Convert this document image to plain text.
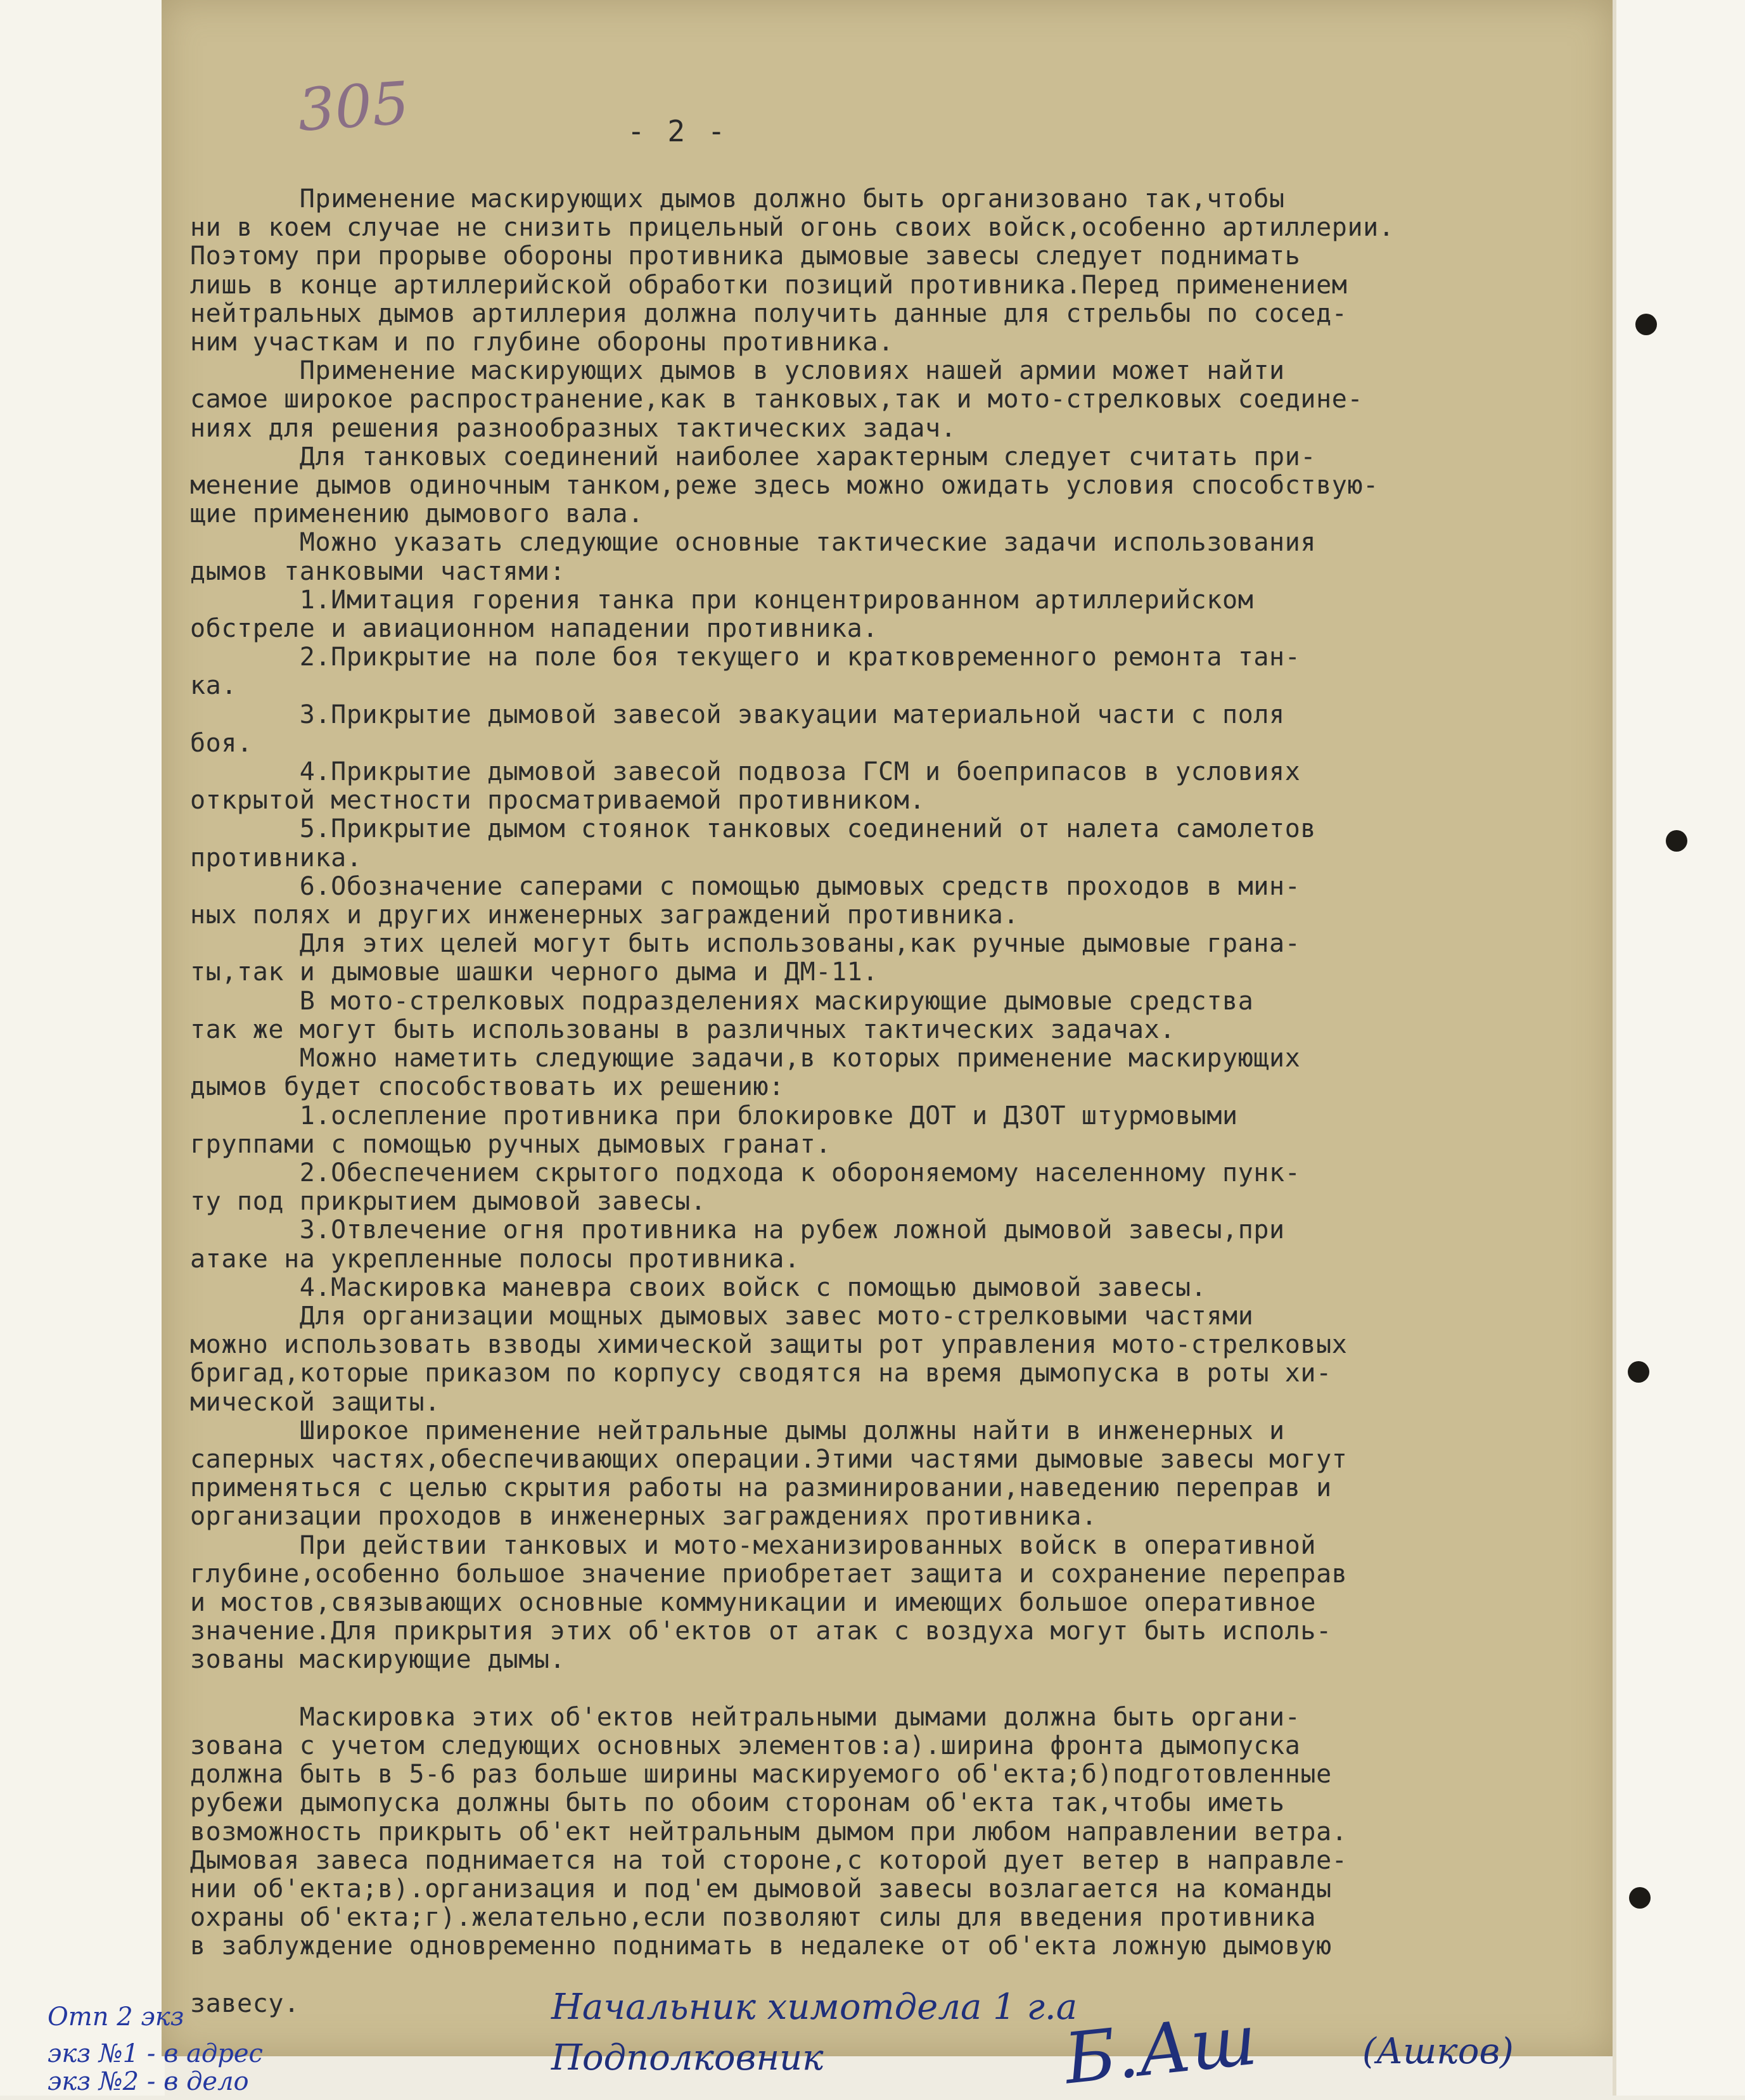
305	- 2 -
Применение маскирующих дымов должно быть организовано так,чтобы
ни в коем случае не снизить прицельный огонь своих войск,особенно артиллерии.
Поэтому при прорыве обороны противника дымовые завесы следует поднимать
лишь в конце артиллерийской обработки позиций противника.Перед применением
нейтральных дымов артиллерия должна получить данные для стрельбы по сосед-
ним участкам и по глубине обороны противника.
Применение маскирующих дымов в условиях нашей армии может найти
самое широкое распространение,как в танковых,так и мото-стрелковых соедине-
ниях для решения разнообразных тактических задач.
Для танковых соединений наиболее характерным следует считать при-
менение дымов одиночным танком,реже здесь можно ожидать условия способствую-
щие применению дымового вала.
Можно указать следующие основные тактические задачи использования
дымов танковыми частями:
1.Имитация горения танка при концентрированном артиллерийском
обстреле и авиационном нападении противника.
2.Прикрытие на поле боя текущего и кратковременного ремонта тан-
ка.
3.Прикрытие дымовой завесой эвакуации материальной части с поля
боя.
4.Прикрытие дымовой завесой подвоза ГСМ и боеприпасов в условиях
открытой местности просматриваемой противником.
5.Прикрытие дымом стоянок танковых соединений от налета самолетов
противника.
6.Обозначение саперами с помощью дымовых средств проходов в мин-
ных полях и других инженерных заграждений противника.
Для этих целей могут быть использованы,как ручные дымовые грана-
ты,так и дымовые шашки черного дыма и ДМ-11.
В мото-стрелковых подразделениях маскирующие дымовые средства
так же могут быть использованы в различных тактических задачах.
Можно наметить следующие задачи,в которых применение маскирующих
дымов будет способствовать их решению:
1.ослепление противника при блокировке ДОТ и ДЗОТ штурмовыми
группами с помощью ручных дымовых гранат.
2.Обеспечением скрытого подхода к обороняемому населенному пунк-
ту под прикрытием дымовой завесы.
3.Отвлечение огня противника на рубеж ложной дымовой завесы,при
атаке на укрепленные полосы противника.
4.Маскировка маневра своих войск с помощью дымовой завесы.
Для организации мощных дымовых завес мото-стрелковыми частями
можно использовать взводы химической защиты рот управления мото-стрелковых
бригад,которые приказом по корпусу сводятся на время дымопуска в роты хи-
мической защиты.
Широкое применение нейтральные дымы должны найти в инженерных и
саперных частях,обеспечивающих операции.Этими частями дымовые завесы могут
применяться с целью скрытия работы на разминировании,наведению переправ и
организации проходов в инженерных заграждениях противника.
При действии танковых и мото-механизированных войск в оперативной
глубине,особенно большое значение приобретает защита и сохранение переправ
и мостов,связывающих основные коммуникации и имеющих большое оперативное
значение.Для прикрытия этих об'ектов от атак с воздуха могут быть исполь-
зованы маскирующие дымы.

Маскировка этих об'ектов нейтральными дымами должна быть органи-
зована с учетом следующих основных элементов:а).ширина фронта дымопуска
должна быть в 5-6 раз больше ширины маскируемого об'екта;б)подготовленные
рубежи дымопуска должны быть по обоим сторонам об'екта так,чтобы иметь
возможность прикрыть об'ект нейтральным дымом при любом направлении ветра.
Дымовая завеса поднимается на той стороне,с которой дует ветер в направле-
нии об'екта;в).организация и под'ем дымовой завесы возлагается на команды
охраны об'екта;г).желательно,если позволяют силы для введения противника
в заблуждение одновременно поднимать в недалеке от об'екта ложную дымовую

завесу.	Начальник химотдела 1 г.а
Подполковник	Б.Аш	(Ашков)
Отп 2 экз
экз №1 - в адрес
экз №2 - в дело
